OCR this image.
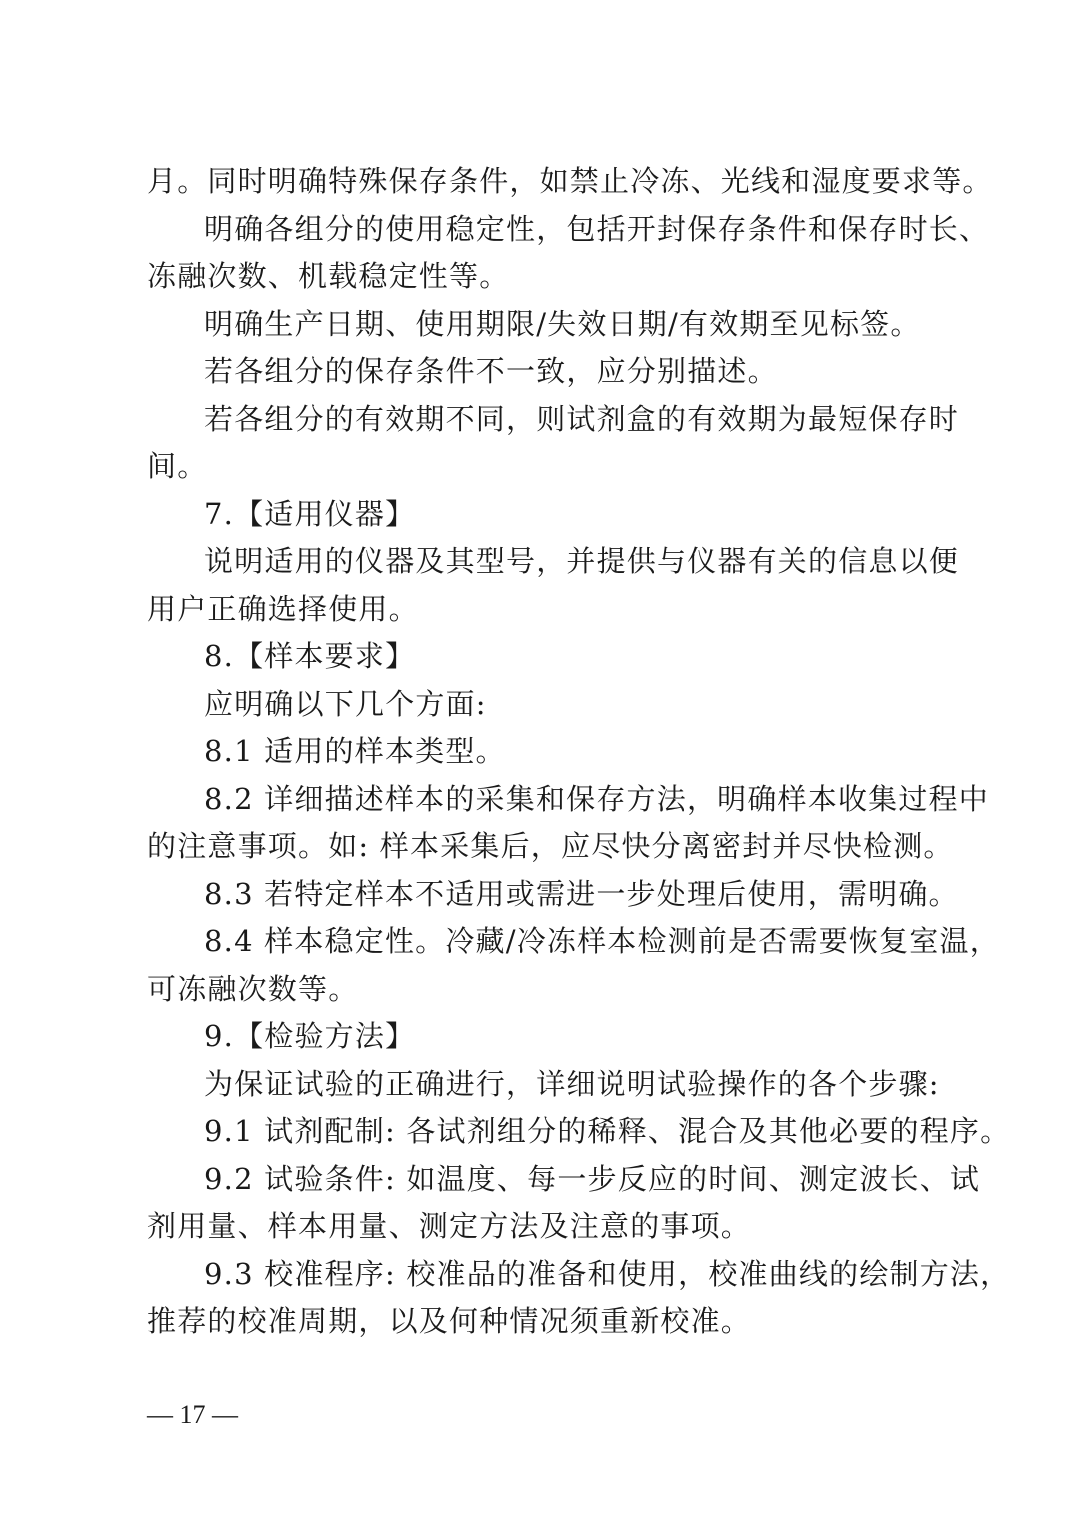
月。同时明确特殊保存条件，如禁止冷冻、光线和湿度要求等。
明确各组分的使用稳定性，包括开封保存条件和保存时长、
冻融次数、机载稳定性等。
明确生产日期、使用期限/失效日期/有效期至见标签。
若各组分的保存条件不一致，应分别描述。
若各组分的有效期不同，则试剂盒的有效期为最短保存时
间。
7.【适用仪器】
说明适用的仪器及其型号，并提供与仪器有关的信息以便
用户正确选择使用。
8.【样本要求】
应明确以下几个方面:
8.1 适用的样本类型。
8.2 详细描述样本的采集和保存方法，明确样本收集过程中
的注意事项。如: 样本采集后，应尽快分离密封并尽快检测。
8.3 若特定样本不适用或需进一步处理后使用，需明确。
8.4 样本稳定性。冷藏/冷冻样本检测前是否需要恢复室温，
可冻融次数等。
9.【检验方法】
为保证试验的正确进行，详细说明试验操作的各个步骤:
9.1 试剂配制: 各试剂组分的稀释、混合及其他必要的程序。
9.2 试验条件: 如温度、每一步反应的时间、测定波长、试
剂用量、样本用量、测定方法及注意的事项。
9.3 校准程序: 校准品的准备和使用，校准曲线的绘制方法，
推荐的校准周期，以及何种情况须重新校准。
— 17 —
